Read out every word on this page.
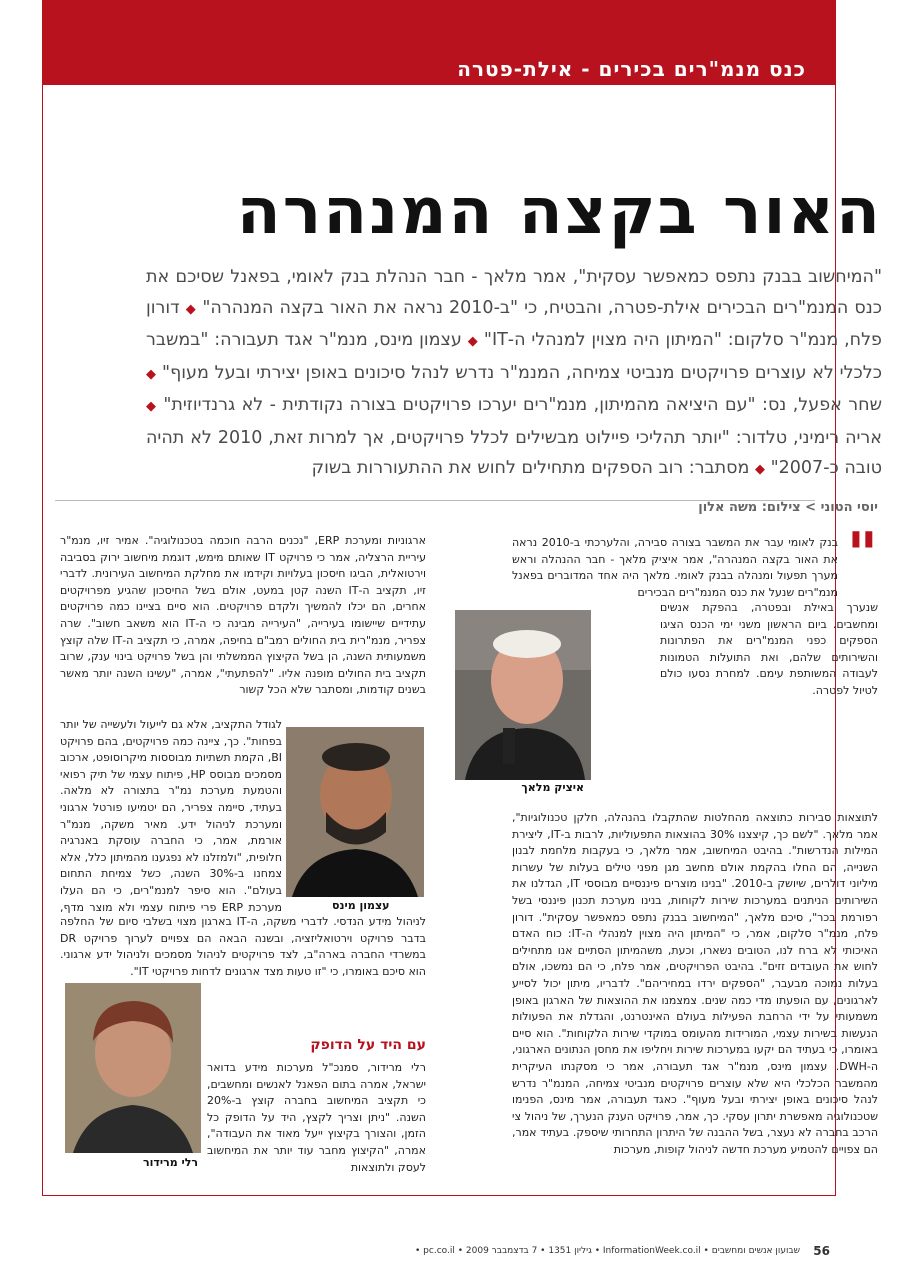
כנס מנמ"רים בכירים - אילת-פטרה
האור בקצה המנהרה
"המיחשוב בבנק נתפס כמאפשר עסקית", אמר מלאך - חבר הנהלת בנק לאומי, בפאנל שסיכם את כנס המנמ"רים הבכירים אילת-פטרה, והבטיח, כי "ב-2010 נראה את האור בקצה המנהרה" ◆ דורון פלח, מנמ"ר סלקום: "המיתון היה מצוין למנהלי ה-IT" ◆ עצמון מינס, מנמ"ר אגד תעבורה: "במשבר כלכלי לא עוצרים פרויקטים מנביטי צמיחה, המנמ"ר נדרש לנהל סיכונים באופן יצירתי ובעל מעוף" ◆ שחר אפעל, נס: "עם היציאה מהמיתון, מנמ"רים יערכו פרויקטים בצורה נקודתית - לא גרנדיוזית" ◆ אריה רימיני, טלדור: "יותר תהליכי פיילוט מבשילים לכלל פרויקטים, אך למרות זאת, 2010 לא תהיה טובה כ-2007" ◆ מסתבר: רוב הספקים מתחילים לחוש את ההתעוררות בשוק
יוסי הטוני > צילום: משה אלון
"
בנק לאומי עבר את המשבר בצורה סבירה, והלערכתי ב-2010 נראה את האור בקצה המנהרה", אמר איציק מלאך - חבר ההנהלה וראש מערך תפעול ומנהלה בבנק לאומי. מלאך היה אחד המדוברים בפאנל מנמ"רים שנעל את כנס המנמ"רים הבכירים
שנערך באילת ובפטרה, בהפקת אנשים ומחשבים. ביום הראשון משני ימי הכנס הציגו הספקים כפני המנמ"רים את הפתרונות והשירותים שלהם, ואת התועלות הטמונות לעבודה המשותפת עימם. למחרת נסעו כולם לטיול לפטרה.
לתוצאות סבירות כתוצאה מהחלטות שהתקבלו בהנהלה, חלקן טכנולוגיות", אמר מלאך. "לשם כך, קיצצנו 30% בהוצאות התפעוליות, לרבות ב-IT, ליצירת המילות הנדרשות". בהיבט המיחשוב, אמר מלאך, כי בעקבות מלחמת לבנון השנייה, הם החלו בהקמת אולם מחשב מגן מפני טילים בעלות של עשרות מיליוני דולרים, שיושק ב-2010. "בנינו מוצרים פיננסיים מבוססי IT, הגדלנו את השירותים הניתנים במערכות שירות לקוחות, בנינו מערכת תכנון פיננסי בשל רפורמת בכר", סיכם מלאך, "המיחשוב בבנק נתפס כמאפשר עסקית". דורון פלח, מנמ"ר סלקום, אמר, כי "המיתון היה מצוין למנהלי ה-IT: כוח האדם האיכותי לא ברח לנו, הטובים נשארו, וכעת, משהמיתון הסתיים אנו מתחילים לחוש את העובדים זזים". בהיבט הפרויקטים, אמר פלח, כי הם נמשכו, אולם בעלות נמוכה מבעבר, "הספקים ירדו במחיריהם". לדבריו, מיתון יכול לסייע לארגונים, עם הופעתו מדי כמה שנים. צמצמנו את ההוצאות של הארגון באופן משמעותי על ידי הרחבת הפעילות בעולם האינטרנט, והגדלת את הפעולות הנעשות בשירות עצמי, המורידות מהעומס במוקדי שירות הלקוחות". הוא סיים באומרו, כי בעתיד הם יקעו במערכות שירות ויחליפו את מחסן הנתונים הארגוני, ה-DWH. עצמון מינס, מנמ"ר אגד תעבורה, אמר כי מסקנתו העיקרית מהמשבר הכלכלי היא שלא עוצרים פרויקטים מנביטי צמיחה, המנמ"ר נדרש לנהל סיכונים באופן יצירתי ובעל מעוף". כאגד תעבורה, אמר מינס, הפנימו שטכנולוגיה מאפשרת יתרון עסקי. כך, אמר, פרויקט הענק הנערך, של ניהול צי הרכב בחברה לא נעצר, בשל ההבנה של היתרון התחרותי שיספק. בעתיד אמר, הם צפויים להטמיע מערכת חדשה לניהול קופות, מערכות
איציק מלאך
ארגוניות ומערכת ERP, "נכנים הרבה חוכמה בטכנולוגיה". אמיר זיו, מנמ"ר עיריית הרצליה, אמר כי פרויקט IT שאותם מימש, דוגמת מיחשוב ירוק בסביבה וירטואלית, הביגו חיסכון בעלויות וקידמו את מחלקת המיחשוב העירונית. לדברי זיו, תקציב ה-IT השנה קטן במעט, אולם בשל החיסכון שהגיע מפרויקטים אחרים, הם יכלו להמשיך ולקדם פרויקטים. הוא סיים בציינו כמה פרויקטים עתידיים שיישומו בעירייה, "העירייה מבינה כי ה-IT הוא משאב חשוב". שרה צפריר, מנמ"רית בית החולים רמב"ם בחיפה, אמרה, כי תקציב ה-IT שלה קוצץ משמעותית השנה, הן בשל הקיצוץ הממשלתי והן בשל פרויקט בינוי ענק, שרוב תקציב בית החולים מופנה אליו. "להפתעתי", אמרה, "עשינו השנה יותר מאשר בשנים קודמות, ומסתבר שלא הכל קשור
לגודל התקציב, אלא גם לייעול ולעשייה של יותר בפחות". כך, ציינה כמה פרויקטים, בהם פרויקט BI, הקמת תשתיות מבוססות מיקרוסופט, ארכוב מסמכים מבוסס HP, פיתוח עצמי של תיק רפואי והטמעת מערכת נמ"ר בתצורה לא מלאה. בעתיד, סיימה צפריר, הם יטמיעו פורטל ארגוני ומערכת לניהול ידע. מאיר משקה, מנמ"ר אורמת, אמר, כי החברה עוסקת באנרגיה חלופית, "ולמזלנו לא נפגענו מהמיתון כלל, אלא צמחנו ב-30% השנה, כשל צמיחת התחום בעולם". הוא סיפר למנמ"רים, כי הם העלו מערכת ERP פרי פיתוח עצמי ולא מוצר מדף,	עצמון מינס
לניהול מידע הנדסי. לדברי משקה, ה-IT בארגון מצוי בשלבי סיום של החלפה בדבר פרויקט וירטואליזציה, ובשנה הבאה הם צפויים לערוך פרויקט DR במשרדי החברה בארה"ב, לצד פרויקטים לניהול מסמכים ולניהול ידע ארגוני. הוא סיכם באומרו, כי "זו טעות מצד ארגונים לדחות פרויקטי IT".
עם היד על הדופק
רלי מרידור, סמנכ"ל מערכות מידע בדואר ישראל, אמרה בתום הפאנל לאנשים ומחשבים, כי תקציב המיחשוב בחברה קוצץ ב-20% השנה. "ניתן וצריך לקצץ, היד על הדופק כל הזמן, והצורך בקיצוץ ייעל מאוד את העבודה", אמרה, "הקיצוץ מחבר עוד יותר את המיחשוב לעסק ולתוצאות
רלי מרידור
56
שבועון אנשים ומחשבים • InformationWeek.co.il • גיליון 1351 • 7 בדצמבבר 2009 • pc.co.il •
